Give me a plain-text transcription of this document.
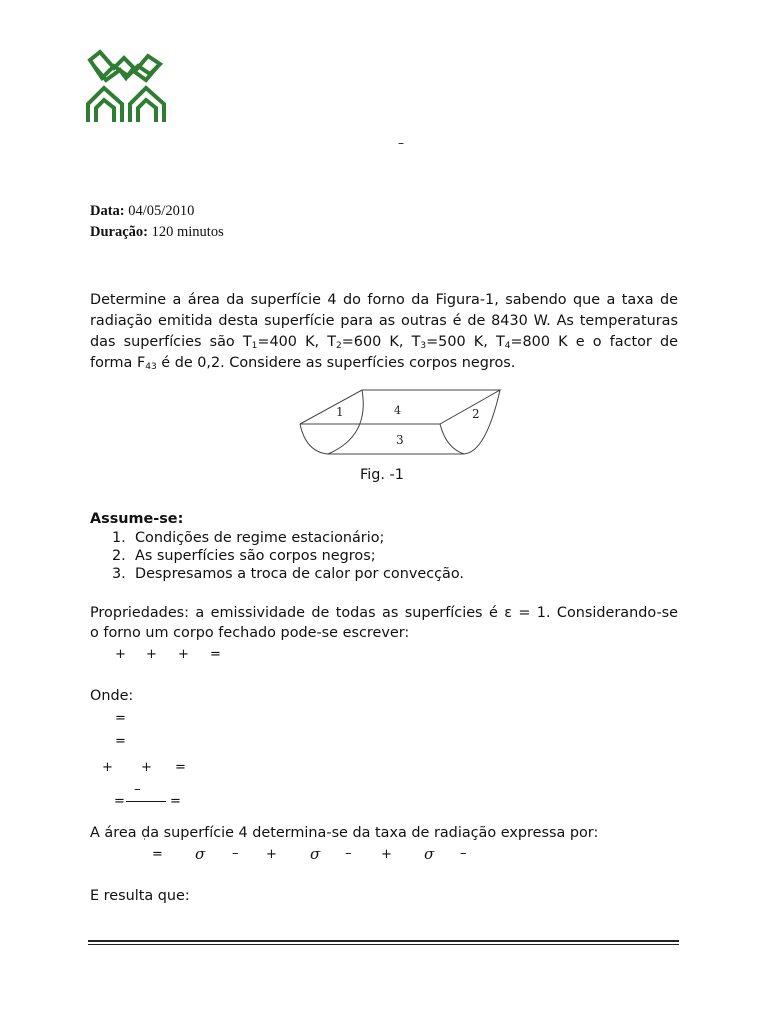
–
Data: 04/05/2010
Duração: 120 minutos
Determine a área da superfície 4 do forno da Figura-1, sabendo que a taxa de
radiação emitida desta superfície para as outras é de 8430 W. As temperaturas
das superfícies são $T_1=400$ K, $T_2=600$ K, $T_3=500$ K, $T_4=800$ K e o factor de
forma $F_{43}$ é de 0,2. Considere as superfícies corpos negros.
1	4	2
3
Fig. -1
Assume-se:
1. Condições de regime estacionário;
2. As superfícies são corpos negros;
3. Despresamos a troca de calor por convecção.
Propriedades: a emissividade de todas as superfícies é ε = 1. Considerando-se
o forno um corpo fechado pode-se escrever:
+ + + =
Onde:
=
=
+ + =
–
=	=
A área da superfície 4 determina-se da taxa de radiação expressa por:
˙
= σ – + σ – + σ –
E resulta que:
